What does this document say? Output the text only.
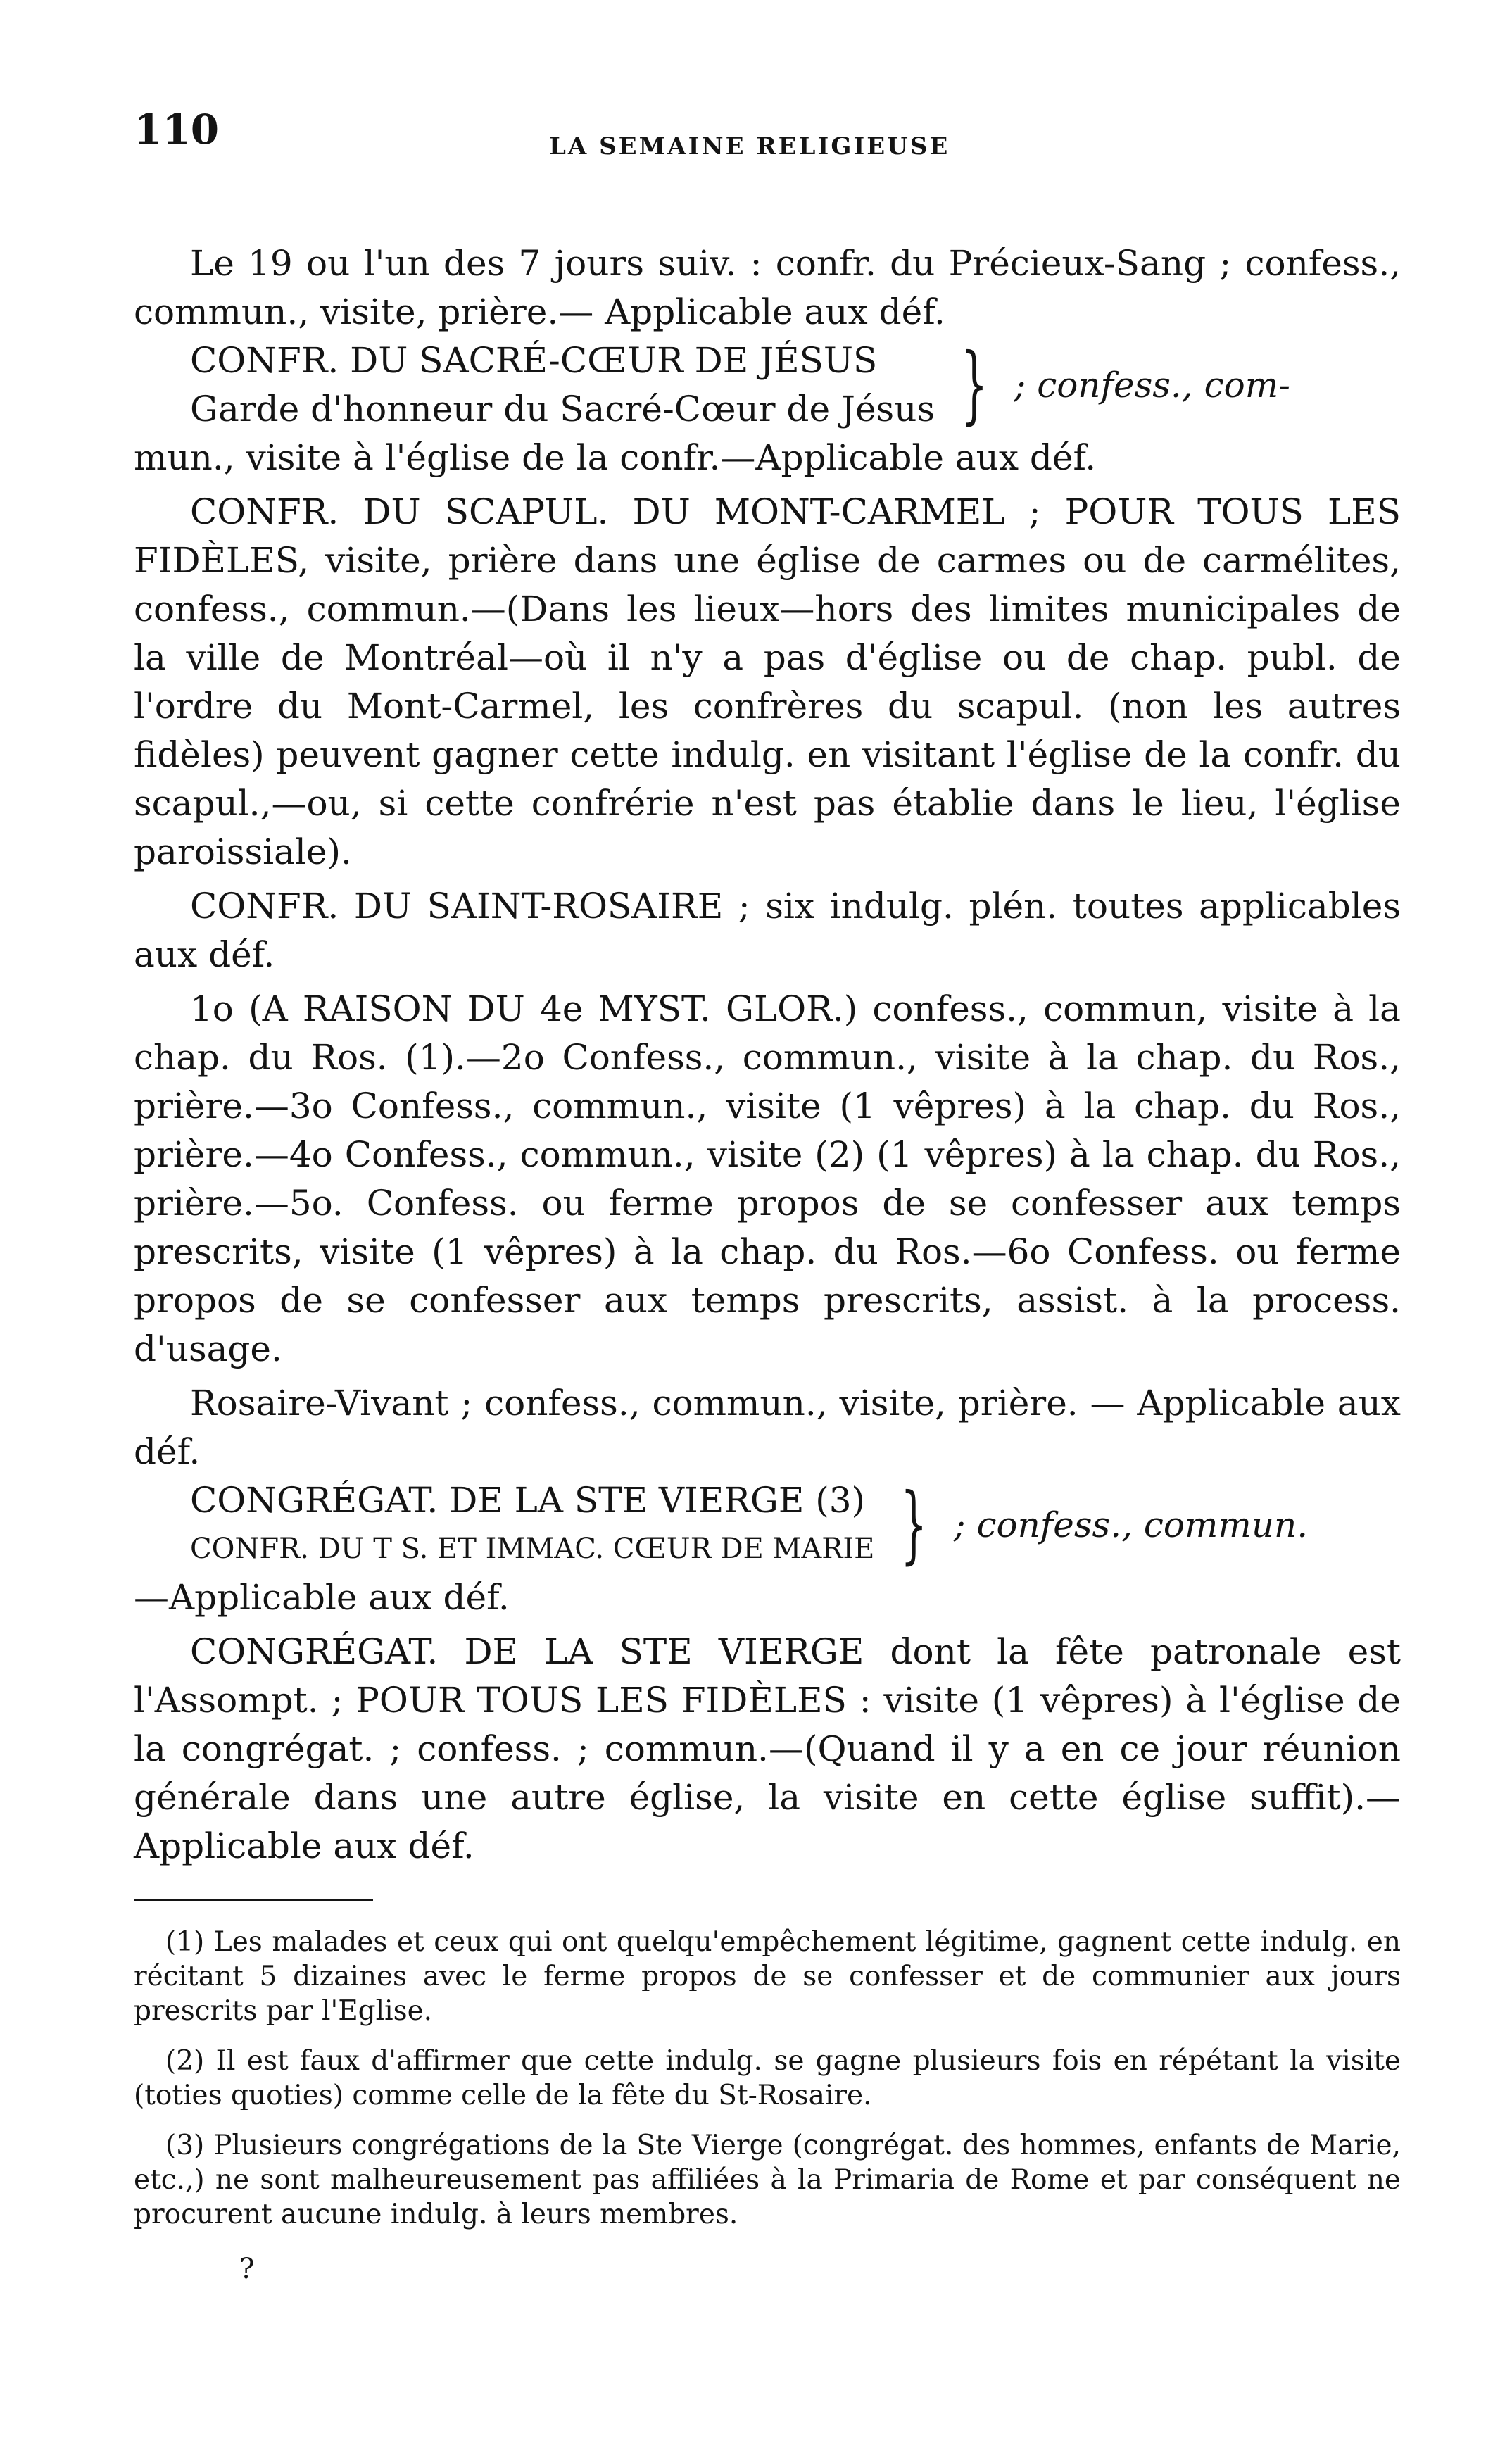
110	LA SEMAINE RELIGIEUSE

Le 19 ou l'un des 7 jours suiv. : confr. du Précieux-Sang ; confess., commun., visite, prière.— Applicable aux déf.

CONFR. DU SACRÉ-CŒUR DE JÉSUS
Garde d'honneur du Sacré-Cœur de Jésus } ; confess., com-

mun., visite à l'église de la confr.—Applicable aux déf.

CONFR. DU SCAPUL. DU MONT-CARMEL ; POUR TOUS LES FIDÈLES, visite, prière dans une église de carmes ou de carmélites, confess., commun.—(Dans les lieux—hors des limites municipales de la ville de Montréal—où il n'y a pas d'église ou de chap. publ. de l'ordre du Mont-Carmel, les confrères du scapul. (non les autres fidèles) peuvent gagner cette indulg. en visitant l'église de la confr. du scapul.,—ou, si cette confrérie n'est pas établie dans le lieu, l'église paroissiale).

CONFR. DU SAINT-ROSAIRE ; six indulg. plén. toutes applicables aux déf.

1o (A RAISON DU 4e MYST. GLOR.) confess., commun, visite à la chap. du Ros. (1).—2o Confess., commun., visite à la chap. du Ros., prière.—3o Confess., commun., visite (1 vêpres) à la chap. du Ros., prière.—4o Confess., commun., visite (2) (1 vêpres) à la chap. du Ros., prière.—5o. Confess. ou ferme propos de se confesser aux temps prescrits, visite (1 vêpres) à la chap. du Ros.—6o Confess. ou ferme propos de se confesser aux temps prescrits, assist. à la process. d'usage.

Rosaire-Vivant ; confess., commun., visite, prière. — Applicable aux déf.

CONGRÉGAT. DE LA STE VIERGE (3)
CONFR. DU T S. ET IMMAC. CŒUR DE MARIE } ; confess., commun.

—Applicable aux déf.

CONGRÉGAT. DE LA STE VIERGE dont la fête patronale est l'Assompt. ; POUR TOUS LES FIDÈLES : visite (1 vêpres) à l'église de la congrégat. ; confess. ; commun.—(Quand il y a en ce jour réunion générale dans une autre église, la visite en cette église suffit).—Applicable aux déf.

(1) Les malades et ceux qui ont quelqu'empêchement légitime, gagnent cette indulg. en récitant 5 dizaines avec le ferme propos de se confesser et de communier aux jours prescrits par l'Eglise.

(2) Il est faux d'affirmer que cette indulg. se gagne plusieurs fois en répétant la visite (toties quoties) comme celle de la fête du St-Rosaire.

(3) Plusieurs congrégations de la Ste Vierge (congrégat. des hommes, enfants de Marie, etc.,) ne sont malheureusement pas affiliées à la Primaria de Rome et par conséquent ne procurent aucune indulg. à leurs membres.

?
